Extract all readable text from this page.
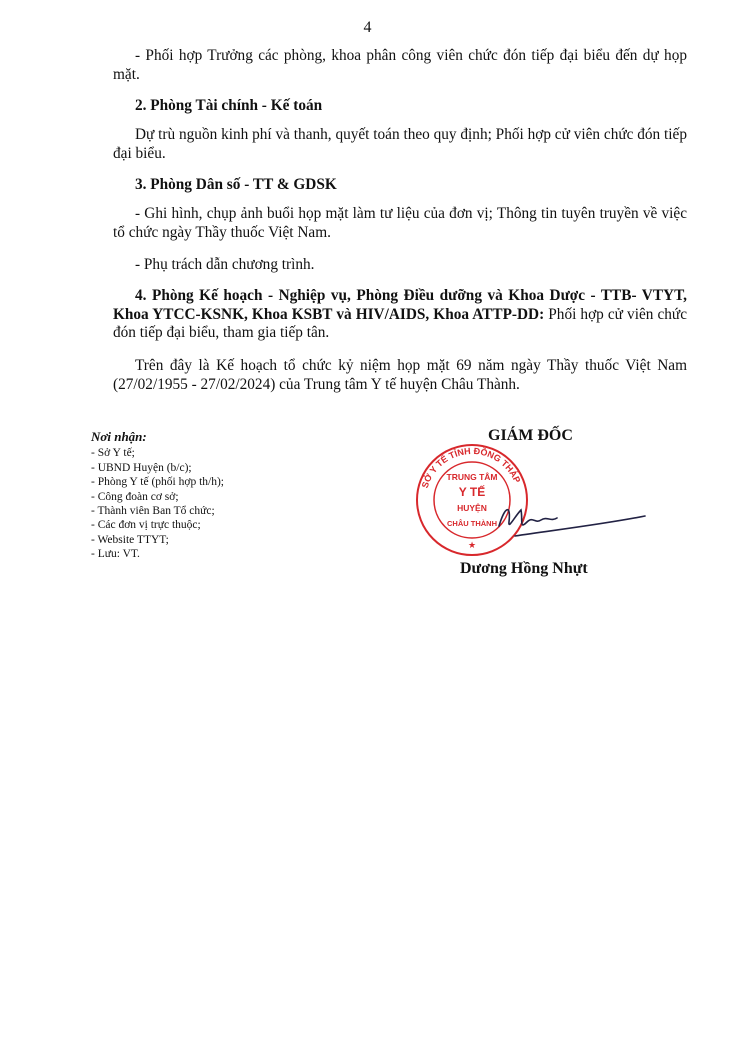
4
- Phối hợp Trưởng các phòng, khoa phân công viên chức đón tiếp đại biểu đến dự họp mặt.
2. Phòng Tài chính - Kế toán
Dự trù nguồn kinh phí và thanh, quyết toán theo quy định; Phối hợp cử viên chức đón tiếp đại biểu.
3. Phòng Dân số - TT & GDSK
- Ghi hình, chụp ảnh buổi họp mặt làm tư liệu của đơn vị; Thông tin tuyên truyền về việc tổ chức ngày Thầy thuốc Việt Nam.
- Phụ trách dẫn chương trình.
4. Phòng Kế hoạch - Nghiệp vụ, Phòng Điều dưỡng và Khoa Dược - TTB- VTYT, Khoa YTCC-KSNK, Khoa KSBT và HIV/AIDS, Khoa ATTP-DD: Phối hợp cử viên chức đón tiếp đại biểu, tham gia tiếp tân.
Trên đây là Kế hoạch tổ chức kỷ niệm họp mặt 69 năm ngày Thầy thuốc Việt Nam (27/02/1955 - 27/02/2024) của Trung tâm Y tế huyện Châu Thành.
Nơi nhận:
- Sở Y tế;
- UBND Huyện (b/c);
- Phòng Y tế (phối hợp th/h);
- Công đoàn cơ sở;
- Thành viên Ban Tổ chức;
- Các đơn vị trực thuộc;
- Website TTYT;
- Lưu: VT.
GIÁM ĐỐC
SỞ Y TẾ TỈNH ĐỒNG THÁP
TRUNG TÂM
Y TẾ
HUYỆN
CHÂU THÀNH
★
Dương Hồng Nhựt
